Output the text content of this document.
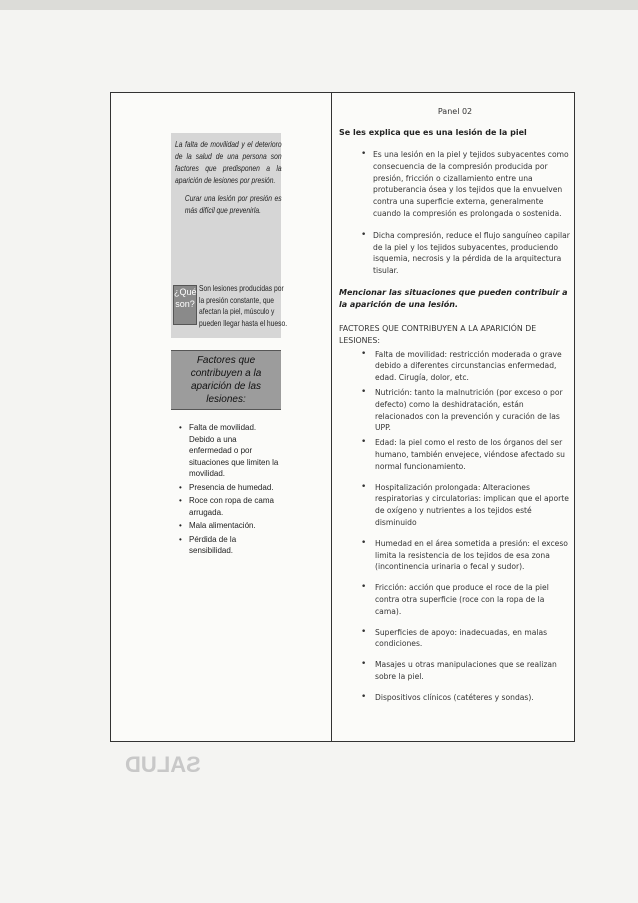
SALUD

La falta de movilidad y el deterioro de la salud de una persona son factores que predisponen a la aparición de lesiones por presión.

Curar una lesión por presión es más difícil que prevenirla.

¿Qué son?
Son lesiones producidas por la presión constante, que afectan la piel, músculo y pueden llegar hasta el hueso.
Factores que contribuyen a la aparición de las lesiones:
• Falta de movilidad. Debido a una enfermedad o por situaciones que limiten la movilidad.
• Presencia de humedad.
• Roce con ropa de cama arrugada.
• Mala alimentación.
• Pérdida de la sensibilidad.
Panel 02
Se les explica que es una lesión de la piel
• Es una lesión en la piel y tejidos subyacentes como consecuencia de la compresión producida por presión, fricción o cizallamiento entre una protuberancia ósea y los tejidos que la envuelven contra una superficie externa, generalmente cuando la compresión es prolongada o sostenida.
• Dicha compresión, reduce el flujo sanguíneo capilar de la piel y los tejidos subyacentes, produciendo isquemia, necrosis y la pérdida de la arquitectura tisular.
Mencionar las situaciones que pueden contribuir a la aparición de una lesión.
FACTORES QUE CONTRIBUYEN A LA APARICIÓN DE LESIONES:
• Falta de movilidad: restricción moderada o grave debido a diferentes circunstancias enfermedad, edad. Cirugía, dolor, etc.
• Nutrición: tanto la malnutrición (por exceso o por defecto) como la deshidratación, están relacionados con la prevención y curación de las UPP.
• Edad: la piel como el resto de los órganos del ser humano, también envejece, viéndose afectado su normal funcionamiento.
• Hospitalización prolongada: Alteraciones respiratorias y circulatorias: implican que el aporte de oxígeno y nutrientes a los tejidos esté disminuido
• Humedad en el área sometida a presión: el exceso limita la resistencia de los tejidos de esa zona (incontinencia urinaria o fecal y sudor).
• Fricción: acción que produce el roce de la piel contra otra superficie (roce con la ropa de la cama).
• Superficies de apoyo: inadecuadas, en malas condiciones.
• Masajes u otras manipulaciones que se realizan sobre la piel.
• Dispositivos clínicos (catéteres y sondas).
